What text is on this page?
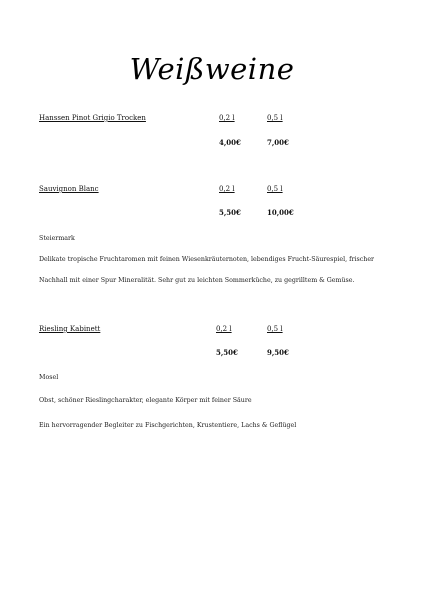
Weißweine
Hanssen Pinot Grigio Trocken	0,2 l	0,5 l
4,00€	7,00€
Sauvignon Blanc	0,2 l	0,5 l
5,50€	10,00€
Steiermark
Delikate tropische Fruchtaromen mit feinen Wiesenkräuternoten, lebendiges Frucht-Säurespiel, frischer
Nachhall mit einer Spur Mineralität. Sehr gut zu leichten Sommerküche, zu gegrilltem & Gemüse.
Riesling Kabinett	0,2 l	0,5 l
5,50€	9,50€
Mosel
Obst, schöner Rieslingcharakter, elegante Körper mit feiner Säure
Ein hervorragender Begleiter zu Fischgerichten, Krustentiere, Lachs & Geflügel
